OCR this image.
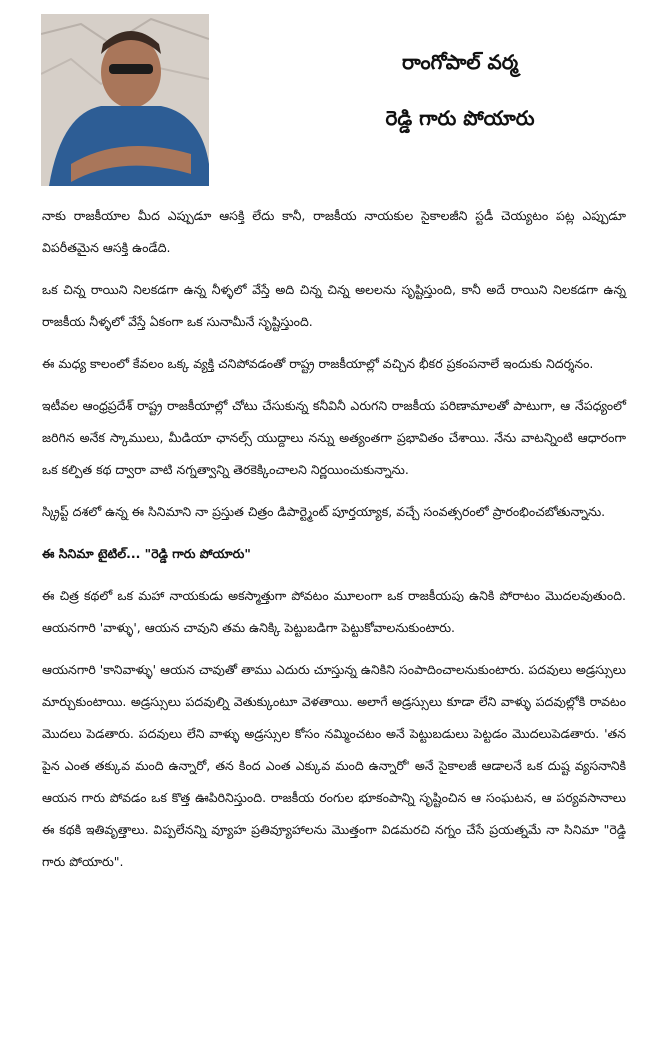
రాంగోపాల్ వర్మ
రెడ్డి గారు పోయారు

నాకు రాజకీయాల మీద ఎప్పుడూ ఆసక్తి లేదు కానీ, రాజకీయ నాయకుల సైకాలజీని స్టడీ చెయ్యటం పట్ల ఎప్పుడూ విపరీతమైన ఆసక్తి ఉండేది.

ఒక చిన్న రాయిని నిలకడగా ఉన్న నీళ్ళలో వేస్తే అది చిన్న చిన్న అలలను సృష్టిస్తుంది, కానీ అదే రాయిని నిలకడగా ఉన్న రాజకీయ నీళ్ళలో వేస్తే ఏకంగా ఒక సునామీనే సృష్టిస్తుంది.

ఈ మధ్య కాలంలో కేవలం ఒక్క వ్యక్తి చనిపోవడంతో రాష్ట్ర రాజకీయాల్లో వచ్చిన భీకర ప్రకంపనాలే ఇందుకు నిదర్శనం.

ఇటీవల ఆంధ్రప్రదేశ్ రాష్ట్ర రాజకీయాల్లో చోటు చేసుకున్న కనీవినీ ఎరుగని రాజకీయ పరిణామాలతో పాటుగా, ఆ నేపధ్యంలో జరిగిన అనేక స్కాములు, మీడియా ఛానల్స్ యుద్దాలు నన్ను అత్యంతగా ప్రభావితం చేశాయి. నేను వాటన్నింటి ఆధారంగా ఒక కల్పిత కథ ద్వారా వాటి నగ్నత్వాన్ని తెరకెక్కించాలని నిర్ణయించుకున్నాను.

స్క్రిప్ట్ దశలో ఉన్న ఈ సినిమాని నా ప్రస్తుత చిత్రం డిపార్ట్మెంట్ పూర్తయ్యాక, వచ్చే సంవత్సరంలో ప్రారంభించబోతున్నాను.

ఈ సినిమా టైటిల్... "రెడ్డి గారు పోయారు"

ఈ చిత్ర కథలో ఒక మహా నాయకుడు అకస్మాత్తుగా పోవటం మూలంగా ఒక రాజకీయపు ఉనికి పోరాటం మొదలవుతుంది. ఆయనగారి 'వాళ్ళు', ఆయన చావుని తమ ఉనిక్కి పెట్టుబడిగా పెట్టుకోవాలనుకుంటారు.

ఆయనగారి 'కానివాళ్ళు' ఆయన చావుతో తాము ఎదురు చూస్తున్న ఉనికిని సంపాదించాలనుకుంటారు. పదవులు అడ్రస్సులు మార్చుకుంటాయి. అడ్రస్సులు పదవుల్ని వెతుక్కుంటూ వెళతాయి. అలాగే అడ్రస్సులు కూడా లేని వాళ్ళు పదవుల్లోకి రావటం మొదలు పెడతారు. పదవులు లేని వాళ్ళు అడ్రస్సుల కోసం నమ్మించటం అనే పెట్టుబడులు పెట్టడం మొదలుపెడతారు. 'తన పైన ఎంత తక్కువ మంది ఉన్నారో, తన కింద ఎంత ఎక్కువ మంది ఉన్నారో' అనే సైకాలజీ ఆడాలనే ఒక దుష్ట వ్యసనానికి ఆయన గారు పోవడం ఒక కొత్త ఊపిరినిస్తుంది. రాజకీయ రంగుల భూకంపాన్ని సృష్టించిన ఆ సంఘటన, ఆ పర్యవసానాలు ఈ కథకి ఇతివృత్తాలు. విప్పలేనన్ని వ్యూహ ప్రతివ్యూహాలను మొత్తంగా విడమరచి నగ్నం చేసే ప్రయత్నమే నా సినిమా "రెడ్డి గారు పోయారు".
